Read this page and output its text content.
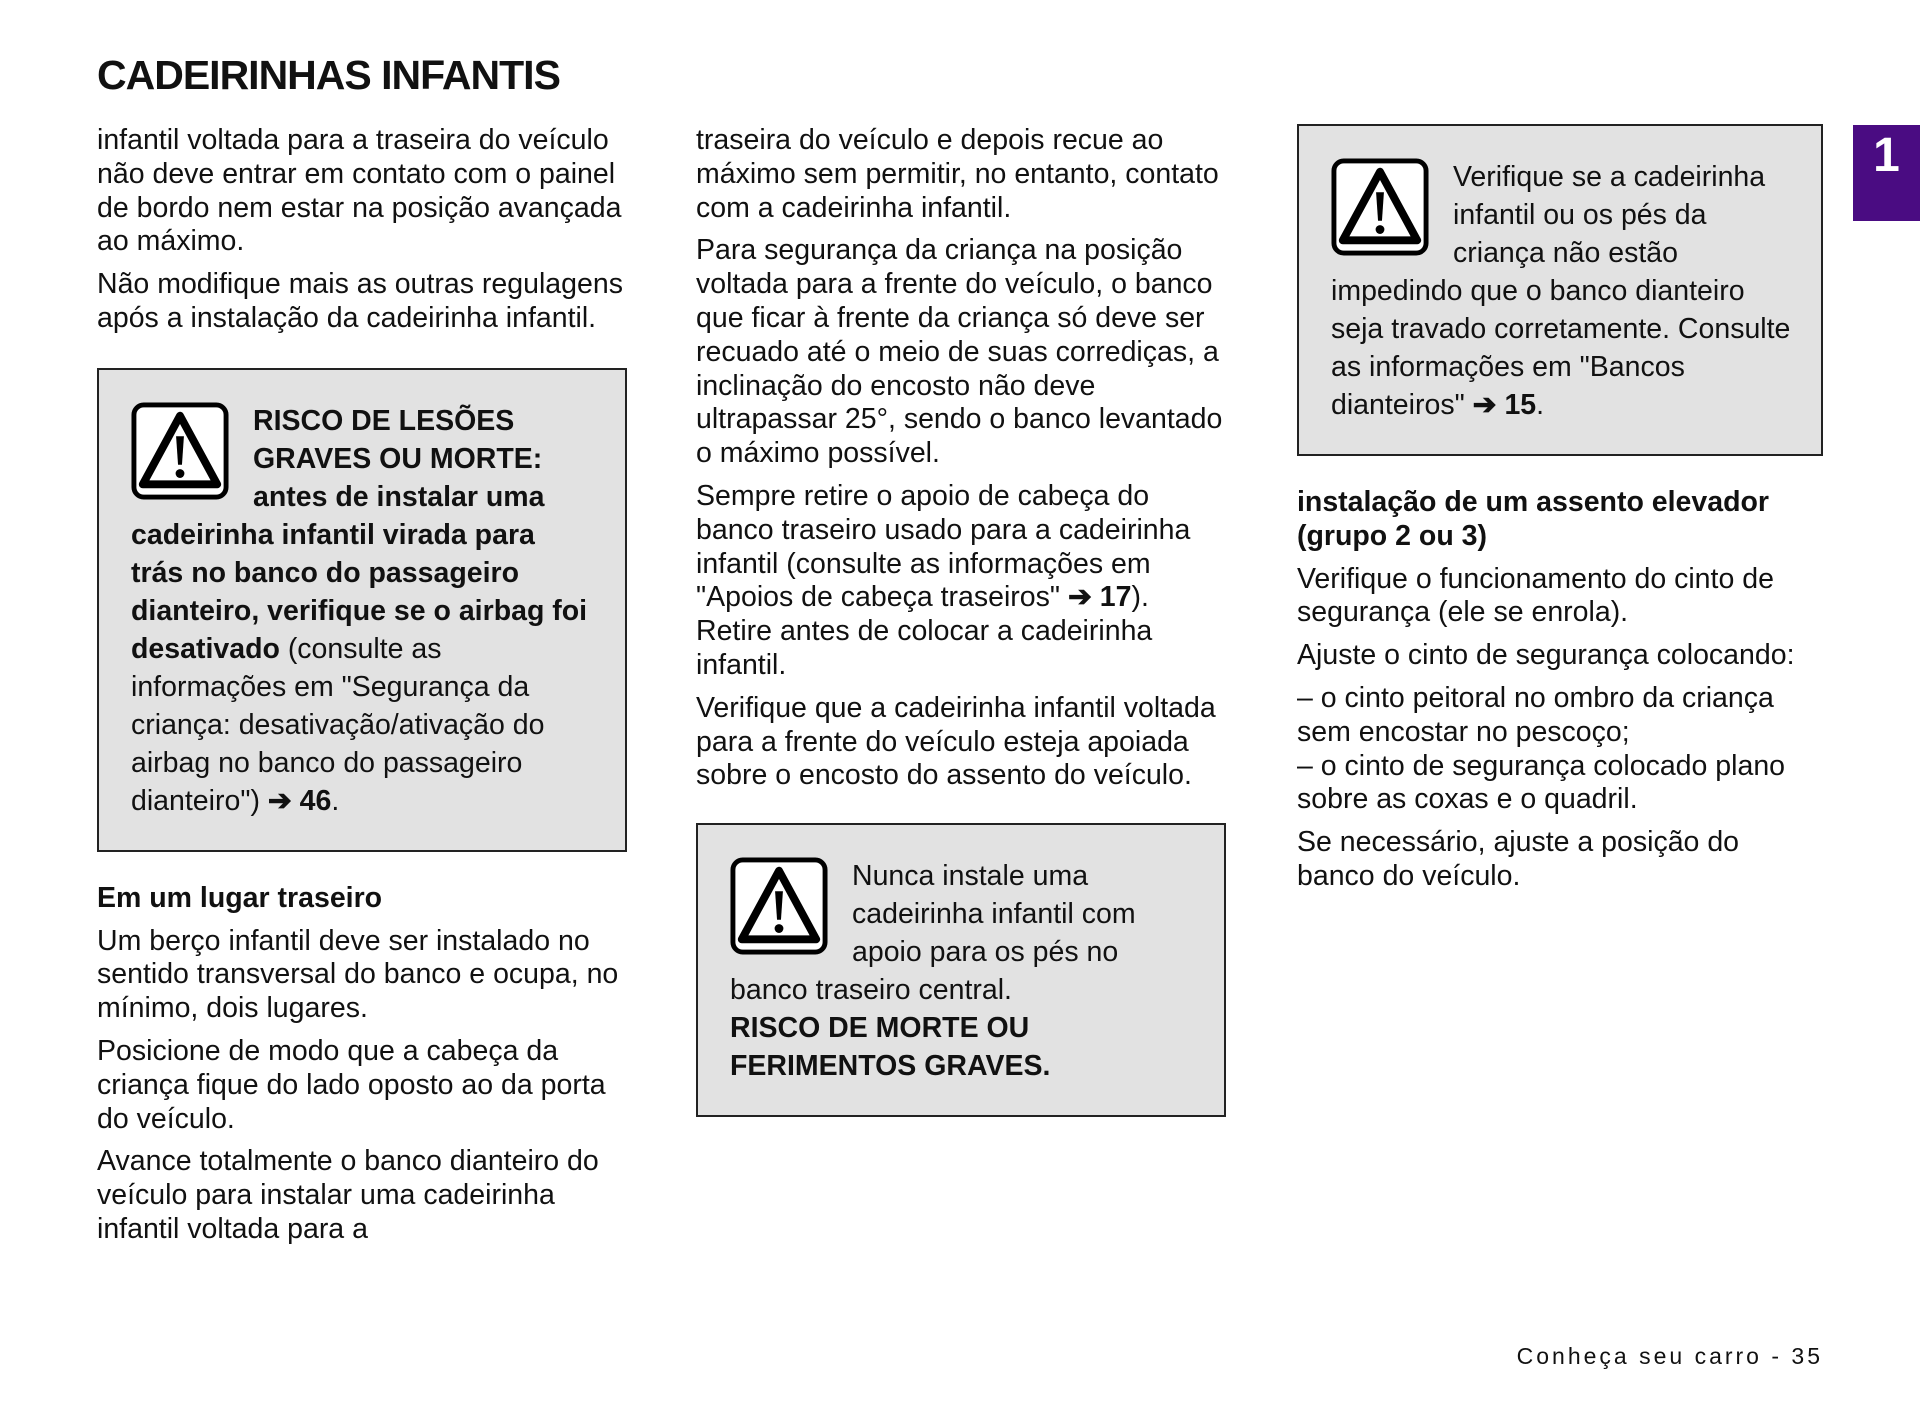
CADEIRINHAS INFANTIS
1

infantil voltada para a traseira do veículo não deve entrar em contato com o painel de bordo nem estar na posição avançada ao máximo.

Não modifique mais as outras regulagens após a instalação da cadeirinha infantil.

RISCO DE LESÕES GRAVES OU MORTE: antes de instalar uma cadeirinha infantil virada para trás no banco do passageiro dianteiro, verifique se o airbag foi desativado (consulte as informações em "Segurança da criança: desativação/ativação do airbag no banco do passageiro dianteiro") ➔ 46.

Em um lugar traseiro

Um berço infantil deve ser instalado no sentido transversal do banco e ocupa, no mínimo, dois lugares.

Posicione de modo que a cabeça da criança fique do lado oposto ao da porta do veículo.

Avance totalmente o banco dianteiro do veículo para instalar uma cadeirinha infantil voltada para a

traseira do veículo e depois recue ao máximo sem permitir, no entanto, contato com a cadeirinha infantil.

Para segurança da criança na posição voltada para a frente do veículo, o banco que ficar à frente da criança só deve ser recuado até o meio de suas corrediças, a inclinação do encosto não deve ultrapassar 25°, sendo o banco levantado o máximo possível.

Sempre retire o apoio de cabeça do banco traseiro usado para a cadeirinha infantil (consulte as informações em "Apoios de cabeça traseiros" ➔ 17). Retire antes de colocar a cadeirinha infantil.

Verifique que a cadeirinha infantil voltada para a frente do veículo esteja apoiada sobre o encosto do assento do veículo.

Nunca instale uma cadeirinha infantil com apoio para os pés no banco traseiro central.

RISCO DE MORTE OU FERIMENTOS GRAVES.

Verifique se a cadeirinha infantil ou os pés da criança não estão impedindo que o banco dianteiro seja travado corretamente. Consulte as informações em "Bancos dianteiros" ➔ 15.

instalação de um assento elevador (grupo 2 ou 3)

Verifique o funcionamento do cinto de segurança (ele se enrola).

Ajuste o cinto de segurança colocando:

– o cinto peitoral no ombro da criança sem encostar no pescoço;

– o cinto de segurança colocado plano sobre as coxas e o quadril.

Se necessário, ajuste a posição do banco do veículo.

Conheça seu carro - 35
